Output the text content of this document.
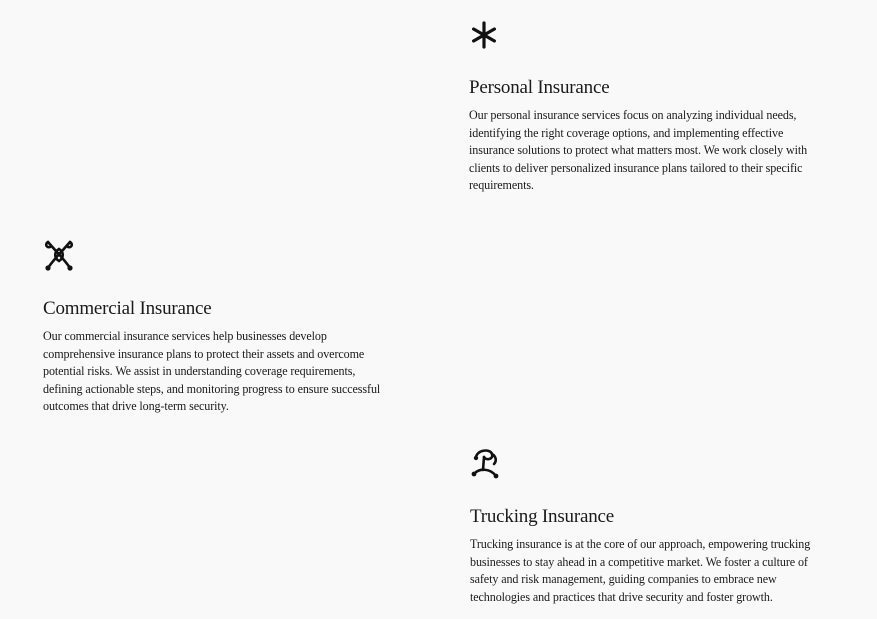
Personal Insurance

Our personal insurance services focus on analyzing individual needs, identifying the right coverage options, and implementing effective insurance solutions to protect what matters most. We work closely with clients to deliver personalized insurance plans tailored to their specific requirements.

Commercial Insurance

Our commercial insurance services help businesses develop comprehensive insurance plans to protect their assets and overcome potential risks. We assist in understanding coverage requirements, defining actionable steps, and monitoring progress to ensure successful outcomes that drive long-term security.

Trucking Insurance

Trucking insurance is at the core of our approach, empowering trucking businesses to stay ahead in a competitive market. We foster a culture of safety and risk management, guiding companies to embrace new technologies and practices that drive security and foster growth.
